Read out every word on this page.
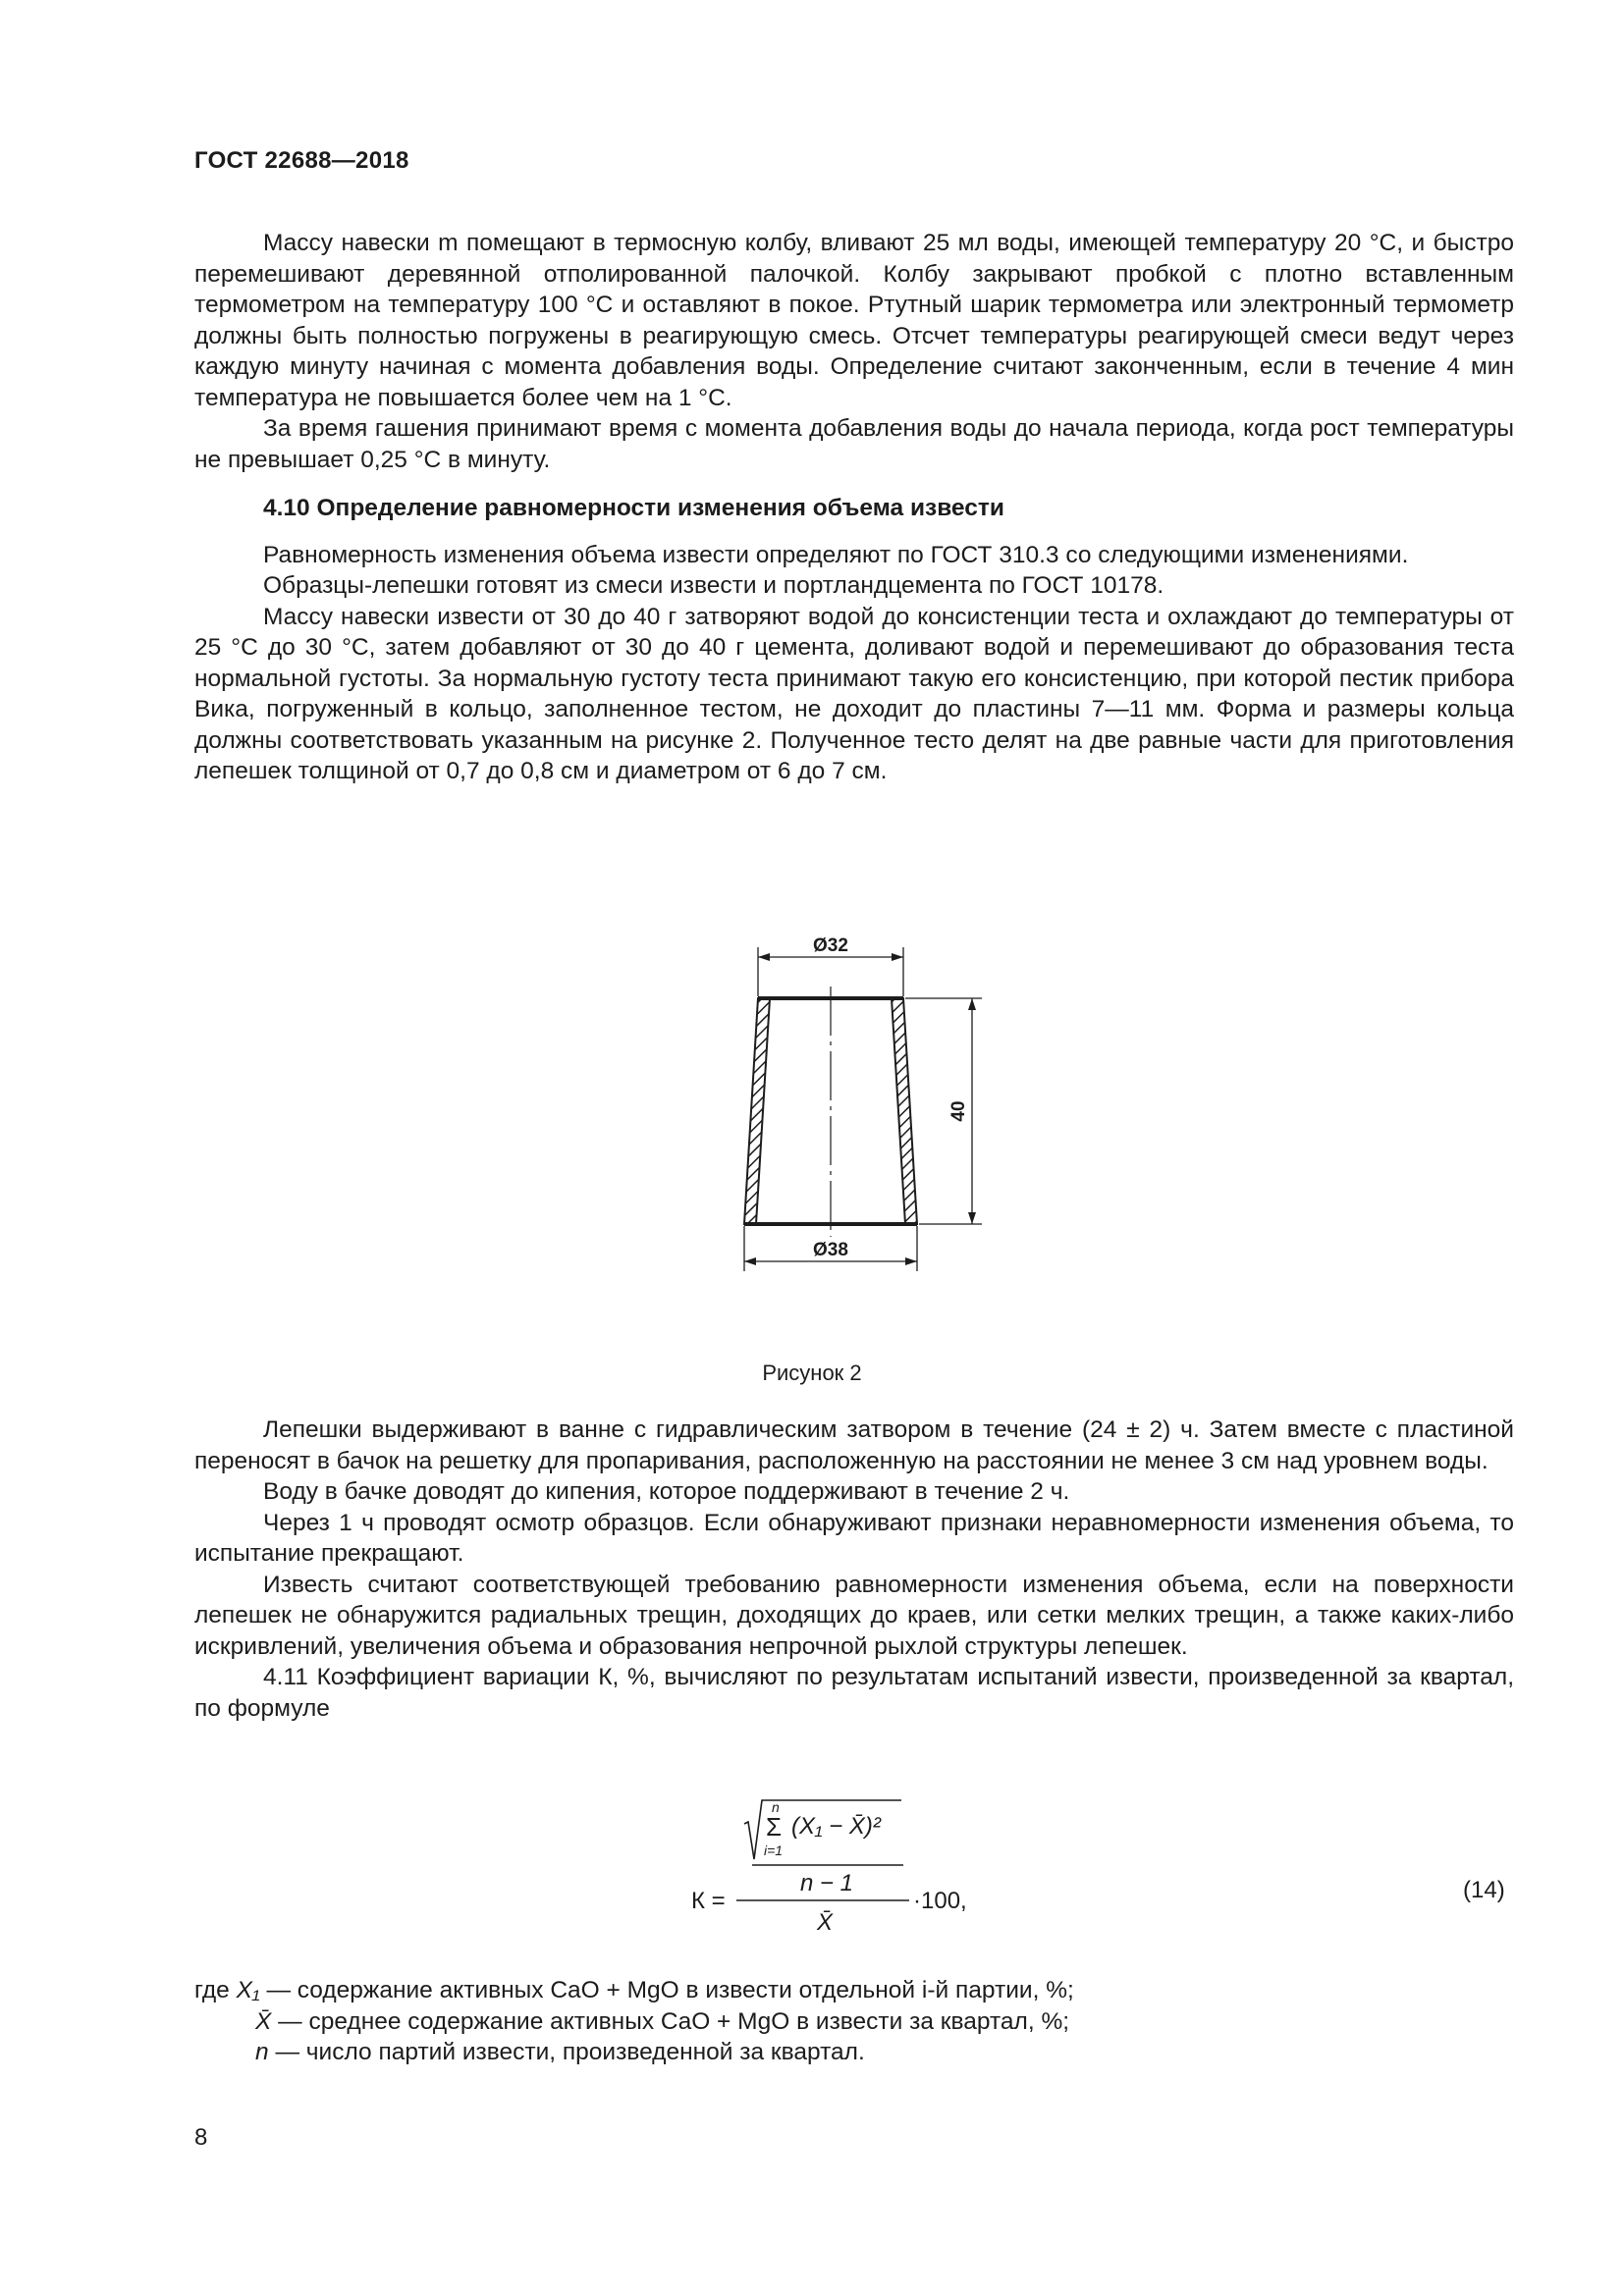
ГОСТ 22688—2018

Массу навески m помещают в термосную колбу, вливают 25 мл воды, имеющей температуру 20 °С, и быстро перемешивают деревянной отполированной палочкой. Колбу закрывают пробкой с плотно вставленным термометром на температуру 100 °С и оставляют в покое. Ртутный шарик термометра или электронный термометр должны быть полностью погружены в реагирующую смесь. Отсчет температуры реагирующей смеси ведут через каждую минуту начиная с момента добавления воды. Определение считают законченным, если в течение 4 мин температура не повышается более чем на 1 °С.

За время гашения принимают время с момента добавления воды до начала периода, когда рост температуры не превышает 0,25 °С в минуту.

4.10 Определение равномерности изменения объема извести

Равномерность изменения объема извести определяют по ГОСТ 310.3 со следующими изменениями.

Образцы-лепешки готовят из смеси извести и портландцемента по ГОСТ 10178.

Массу навески извести от 30 до 40 г затворяют водой до консистенции теста и охлаждают до температуры от 25 °С до 30 °С, затем добавляют от 30 до 40 г цемента, доливают водой и перемешивают до образования теста нормальной густоты. За нормальную густоту теста принимают такую его консистенцию, при которой пестик прибора Вика, погруженный в кольцо, заполненное тестом, не доходит до пластины 7—11 мм. Форма и размеры кольца должны соответствовать указанным на рисунке 2. Полученное тесто делят на две равные части для приготовления лепешек толщиной от 0,7 до 0,8 см и диаметром от 6 до 7 см.

Ø32
Ø38
40
Рисунок 2

Лепешки выдерживают в ванне с гидравлическим затвором в течение (24 ± 2) ч. Затем вместе с пластиной переносят в бачок на решетку для пропаривания, расположенную на расстоянии не менее 3 см над уровнем воды.

Воду в бачке доводят до кипения, которое поддерживают в течение 2 ч.

Через 1 ч проводят осмотр образцов. Если обнаруживают признаки неравномерности изменения объема, то испытание прекращают.

Известь считают соответствующей требованию равномерности изменения объема, если на поверхности лепешек не обнаружится радиальных трещин, доходящих до краев, или сетки мелких трещин, а также каких-либо искривлений, увеличения объема и образования непрочной рыхлой структуры лепешек.

4.11 Коэффициент вариации К, %, вычисляют по результатам испытаний извести, произведенной за квартал, по формуле

К =
n
Σ
i=1
(X₁ − X̄)²
n − 1
X̄
·100,	(14)
где X₁ — содержание активных CaO + MgO в извести отдельной i-й партии, %;
X̄ — среднее содержание активных CaO + MgO в извести за квартал, %;
n — число партий извести, произведенной за квартал.
8
